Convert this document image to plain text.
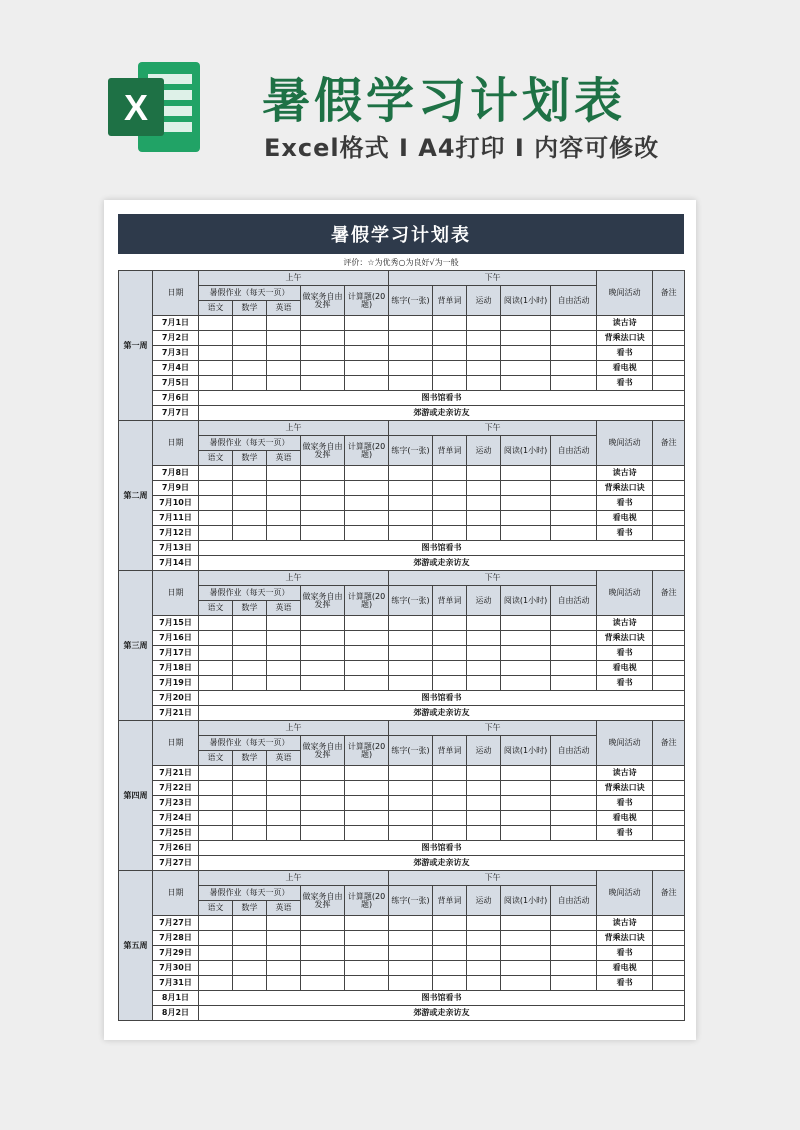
X 暑假学习计划表
Excel格式 I A4打印 I 内容可修改
暑假学习计划表
评价：☆为优秀○为良好√为一般
第一周	日期	上午					下午					晚间活动	备注
		暑假作业（每天一页）			做家务自由发挥	计算题(20题)	练字(一张)	背单词	运动	阅读(1小时)	自由活动		
		语文	数学	英语									
	7月1日											读古诗	
	7月2日											背乘法口诀	
	7月3日											看书	
	7月4日											看电视	
	7月5日											看书	
	7月6日	图书馆看书											
	7月7日	郊游或走亲访友											
第二周	日期	上午					下午					晚间活动	备注
		暑假作业（每天一页）			做家务自由发挥	计算题(20题)	练字(一张)	背单词	运动	阅读(1小时)	自由活动		
		语文	数学	英语									
	7月8日											读古诗	
	7月9日											背乘法口诀	
	7月10日											看书	
	7月11日											看电视	
	7月12日											看书	
	7月13日	图书馆看书											
	7月14日	郊游或走亲访友											
第三周	日期	上午					下午					晚间活动	备注
		暑假作业（每天一页）			做家务自由发挥	计算题(20题)	练字(一张)	背单词	运动	阅读(1小时)	自由活动		
		语文	数学	英语									
	7月15日											读古诗	
	7月16日											背乘法口诀	
	7月17日											看书	
	7月18日											看电视	
	7月19日											看书	
	7月20日	图书馆看书											
	7月21日	郊游或走亲访友											
第四周	日期	上午					下午					晚间活动	备注
		暑假作业（每天一页）			做家务自由发挥	计算题(20题)	练字(一张)	背单词	运动	阅读(1小时)	自由活动		
		语文	数学	英语									
	7月21日											读古诗	
	7月22日											背乘法口诀	
	7月23日											看书	
	7月24日											看电视	
	7月25日											看书	
	7月26日	图书馆看书											
	7月27日	郊游或走亲访友											
第五周	日期	上午					下午					晚间活动	备注
		暑假作业（每天一页）			做家务自由发挥	计算题(20题)	练字(一张)	背单词	运动	阅读(1小时)	自由活动		
		语文	数学	英语									
	7月27日											读古诗	
	7月28日											背乘法口诀	
	7月29日											看书	
	7月30日											看电视	
	7月31日											看书	
	8月1日	图书馆看书											
	8月2日	郊游或走亲访友											
